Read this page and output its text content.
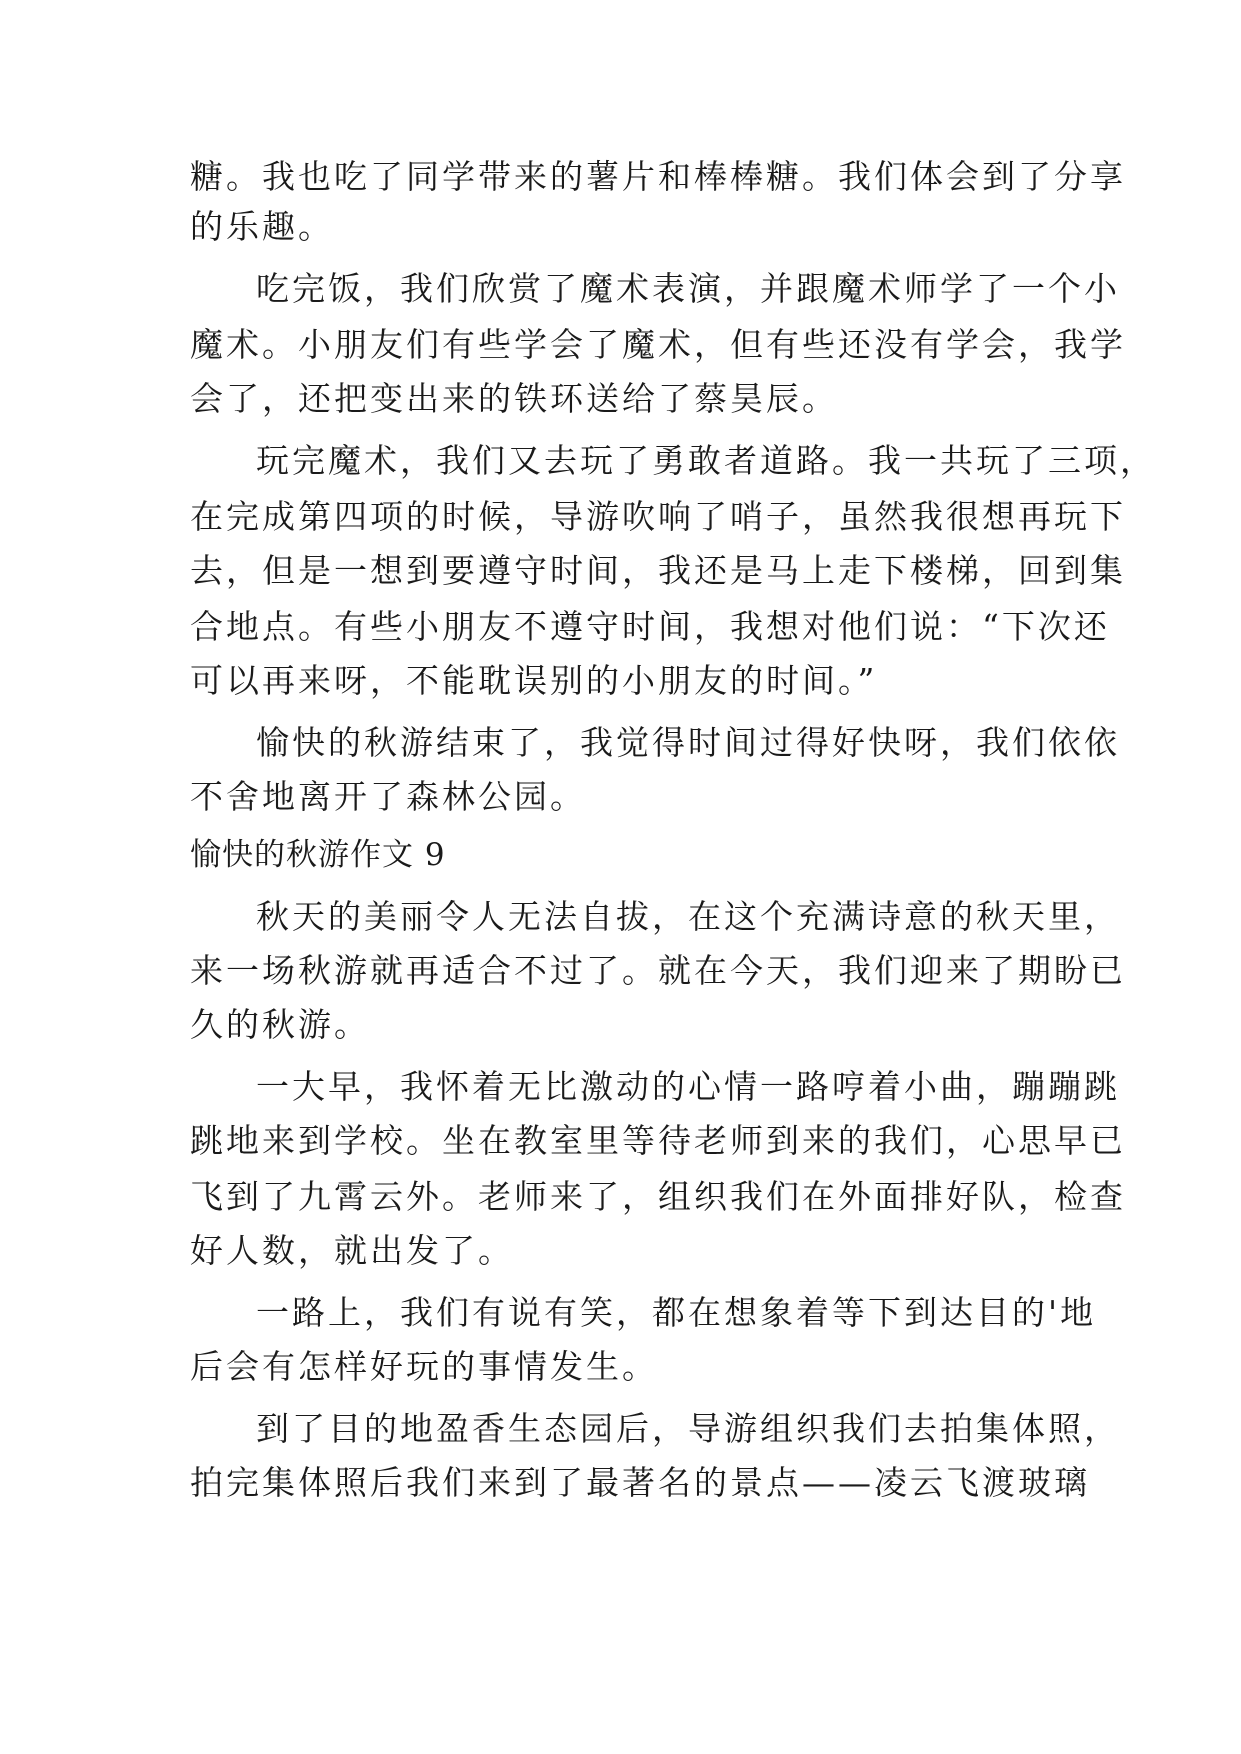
糖。我也吃了同学带来的薯片和棒棒糖。我们体会到了分享
的乐趣。
吃完饭，我们欣赏了魔术表演，并跟魔术师学了一个小
魔术。小朋友们有些学会了魔术，但有些还没有学会，我学
会了，还把变出来的铁环送给了蔡昊辰。
玩完魔术，我们又去玩了勇敢者道路。我一共玩了三项，
在完成第四项的时候，导游吹响了哨子，虽然我很想再玩下
去，但是一想到要遵守时间，我还是马上走下楼梯，回到集
合地点。有些小朋友不遵守时间，我想对他们说：“下次还
可以再来呀，不能耽误别的小朋友的时间。”
愉快的秋游结束了，我觉得时间过得好快呀，我们依依
不舍地离开了森林公园。
愉快的秋游作文 9
秋天的美丽令人无法自拔，在这个充满诗意的秋天里，
来一场秋游就再适合不过了。就在今天，我们迎来了期盼已
久的秋游。
一大早，我怀着无比激动的心情一路哼着小曲，蹦蹦跳
跳地来到学校。坐在教室里等待老师到来的我们，心思早已
飞到了九霄云外。老师来了，组织我们在外面排好队，检查
好人数，就出发了。
一路上，我们有说有笑，都在想象着等下到达目的'地
后会有怎样好玩的事情发生。
到了目的地盈香生态园后，导游组织我们去拍集体照，
拍完集体照后我们来到了最著名的景点——凌云飞渡玻璃
